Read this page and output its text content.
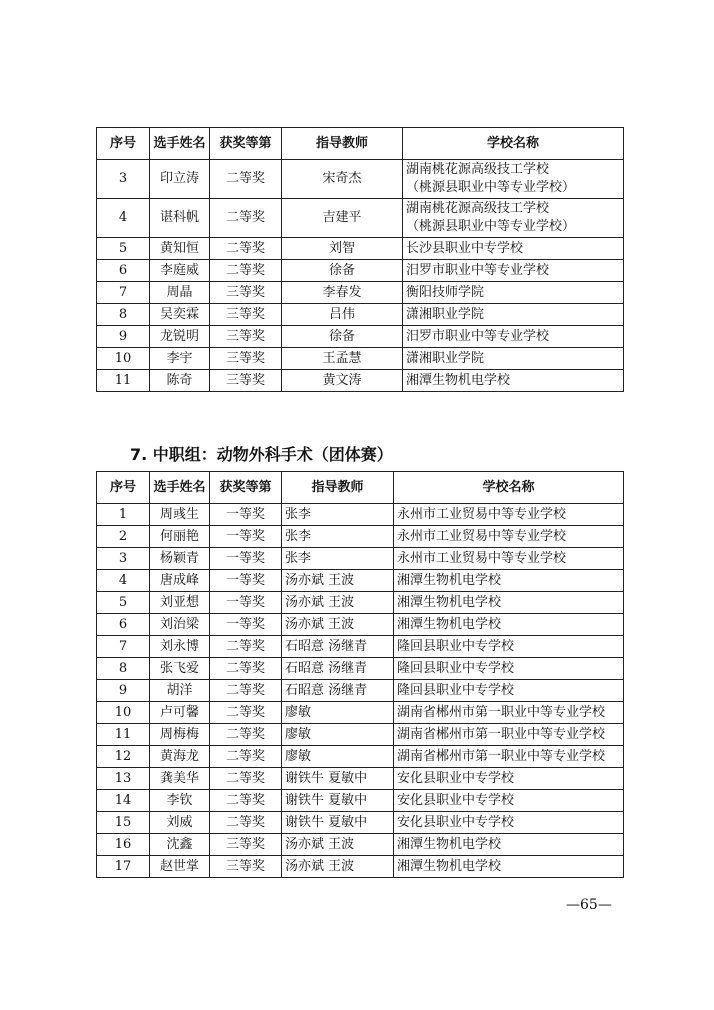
序号	选手姓名	获奖等第	指导教师	学校名称
3	印立涛	二等奖	宋奇杰	湖南桃花源高级技工学校
（桃源县职业中等专业学校）

4	谌科帆	二等奖	吉建平	湖南桃花源高级技工学校
（桃源县职业中等专业学校）

5	黄知恒	二等奖	刘智	长沙县职业中专学校
6	李庭威	二等奖	徐备	汨罗市职业中等专业学校
7	周晶	三等奖	李春发	衡阳技师学院
8	吴奕霖	三等奖	吕伟	潇湘职业学院
9	龙锐明	三等奖	徐备	汨罗市职业中等专业学校
10	李宇	三等奖	王孟慧	潇湘职业学院
11	陈奇	三等奖	黄文涛	湘潭生物机电学校
7. 中职组：动物外科手术（团体赛）
序号	选手姓名	获奖等第	指导教师	学校名称
1	周彧生	一等奖	张李	永州市工业贸易中等专业学校
2	何丽艳	一等奖	张李	永州市工业贸易中等专业学校
3	杨颖青	一等奖	张李	永州市工业贸易中等专业学校
4	唐成峰	一等奖	汤亦斌 王波	湘潭生物机电学校
5	刘亚想	一等奖	汤亦斌 王波	湘潭生物机电学校
6	刘治梁	一等奖	汤亦斌 王波	湘潭生物机电学校
7	刘永博	二等奖	石昭意 汤继青	隆回县职业中专学校
8	张飞爱	二等奖	石昭意 汤继青	隆回县职业中专学校
9	胡洋	二等奖	石昭意 汤继青	隆回县职业中专学校
10	卢可馨	二等奖	廖敏	湖南省郴州市第一职业中等专业学校
11	周梅梅	二等奖	廖敏	湖南省郴州市第一职业中等专业学校
12	黄海龙	二等奖	廖敏	湖南省郴州市第一职业中等专业学校
13	龚美华	二等奖	谢铁牛 夏敏中	安化县职业中专学校
14	李钦	二等奖	谢铁牛 夏敏中	安化县职业中专学校
15	刘威	二等奖	谢铁牛 夏敏中	安化县职业中专学校
16	沈鑫	三等奖	汤亦斌 王波	湘潭生物机电学校
17	赵世掌	三等奖	汤亦斌 王波	湘潭生物机电学校
—65—
